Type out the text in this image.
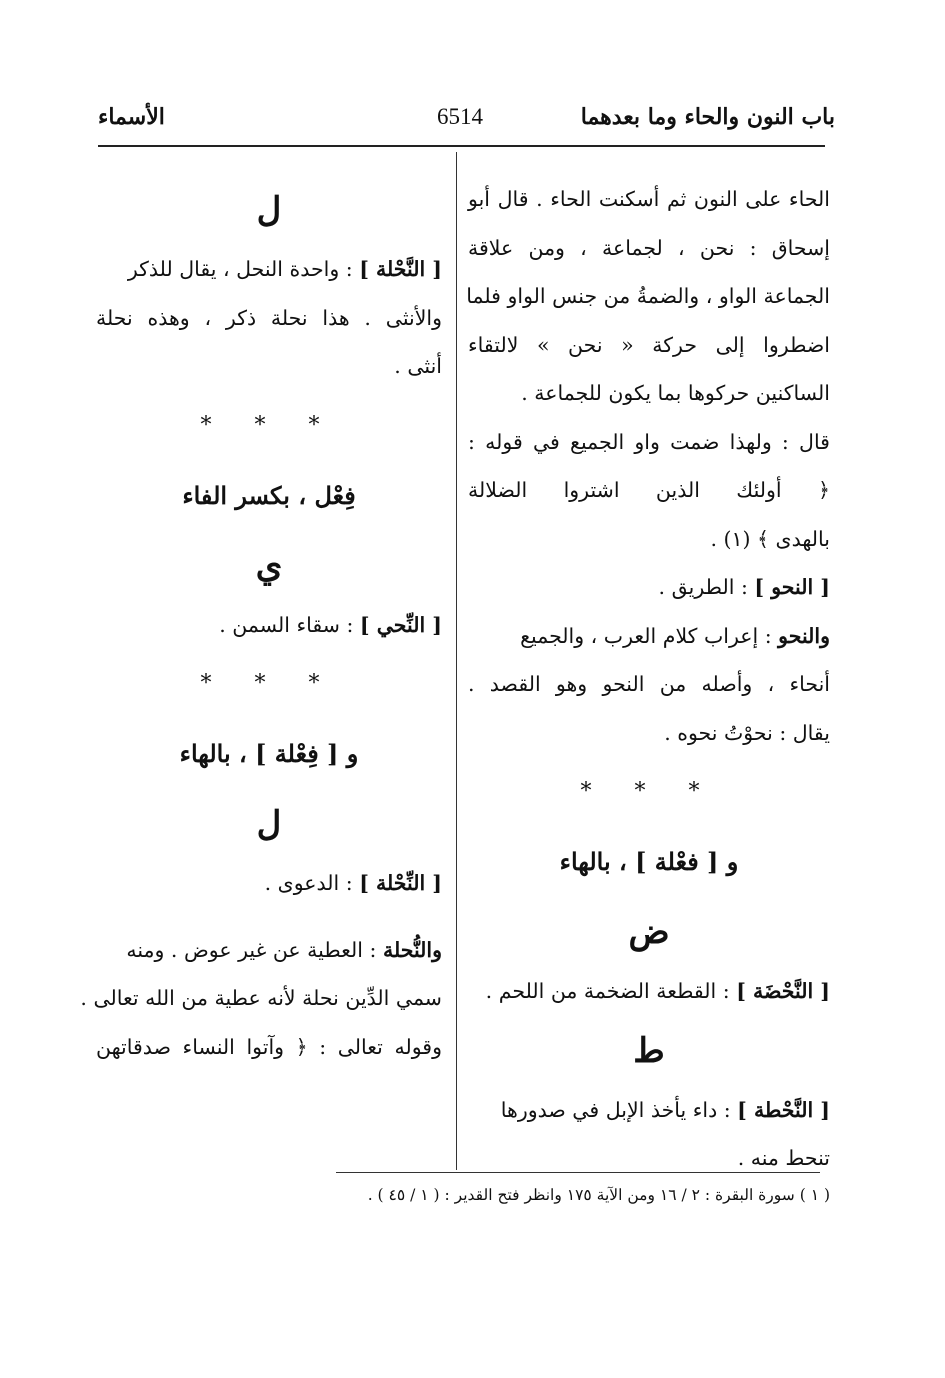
باب النون والحاء وما بعدهما
6514
الأسماء
الحاء على النون ثم أسكنت الحاء . قال أبو
إسحاق : نحن ، لجماعة ، ومن علاقة
الجماعة الواو ، والضمةُ من جنس الواو فلما
اضطروا إلى حركة « نحن » لالتقاء
الساكنين حركوها بما يكون للجماعة .
قال : ولهذا ضمت واو الجميع في قوله :
﴿ أولئك الذين اشتروا الضلالة
بالهدى ﴾ (١) .
[ النحو ] : الطريق .
والنحو : إعراب كلام العرب ، والجميع
أنحاء ، وأصله من النحو وهو القصد .
يقال : نحوْتُ نحوه .
* * *
و [ فعْلة ] ، بالهاء
ض
[ النَّحْضَة ] : القطعة الضخمة من اللحم .
ط
[ النَّحْطة ] : داء يأخذ الإبل في صدورها
تنحط منه .
ل
[ النَّحْلة ] : واحدة النحل ، يقال للذكر
والأنثى . هذا نحلة ذكر ، وهذه نحلة
أنثى .
* * *
فِعْل ، بكسر الفاء
ي
[ النِّحي ] : سقاء السمن .
* * *
و [ فِعْلة ] ، بالهاء
ل
[ النِّحْلة ] : الدعوى .
والنُّحلة : العطية عن غير عوض . ومنه
سمي الدِّين نحلة لأنه عطية من الله تعالى .
وقوله تعالى : ﴿ وآتوا النساء صدقاتهن
( ١ ) سورة البقرة : ٢ / ١٦ ومن الآية ١٧٥ وانظر فتح القدير : ( ١ / ٤٥ ) .
